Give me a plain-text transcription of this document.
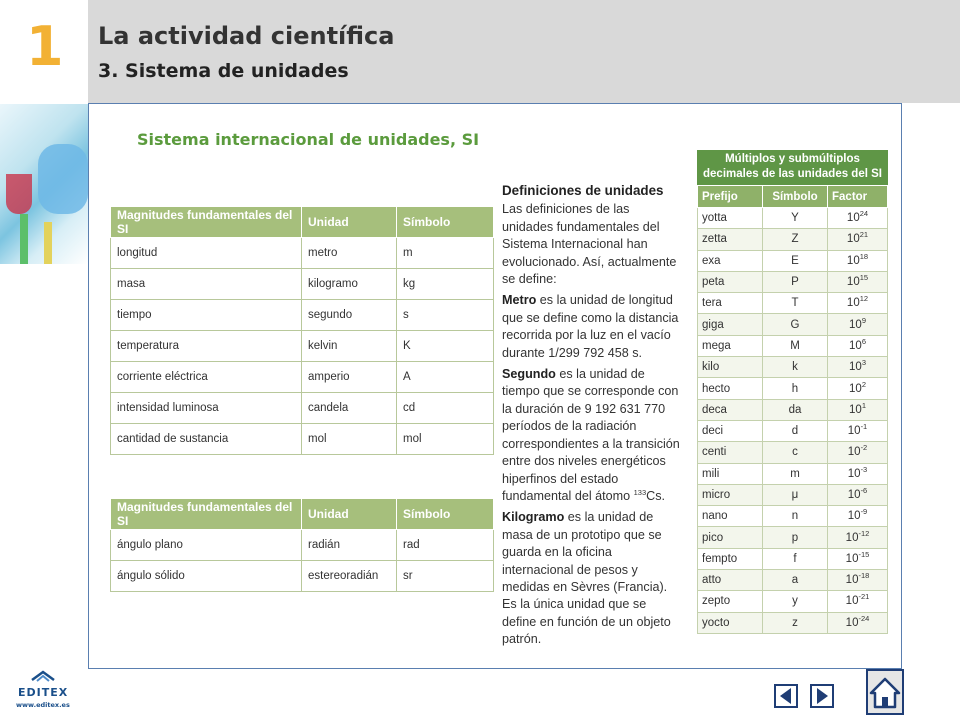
1 La actividad científica
3. Sistema de unidades
Sistema internacional de unidades, SI
Magnitudes fundamentales del SI	Unidad	Símbolo
longitud	metro	m
masa	kilogramo	kg
tiempo	segundo	s
temperatura	kelvin	K
corriente eléctrica	amperio	A
intensidad luminosa	candela	cd
cantidad de sustancia	mol	mol
Magnitudes fundamentales del SI	Unidad	Símbolo
ángulo plano	radián	rad
ángulo sólido	estereoradián	sr
Definiciones de unidades

Las definiciones de las unidades fundamentales del Sistema Internacional han evolucionado. Así, actualmente se define:

Metro es la unidad de longitud que se define como la distancia recorrida por la luz en el vacío durante 1/299 792 458 s.

Segundo es la unidad de tiempo que se corresponde con la duración de 9 192 631 770 períodos de la radiación correspondientes a la transición entre dos niveles energéticos hiperfinos del estado fundamental del átomo $^{133}$Cs.

Kilogramo es la unidad de masa de un prototipo que se guarda en la oficina internacional de pesos y medidas en Sèvres (Francia). Es la única unidad que se define en función de un objeto patrón.

Múltiplos y submúltiplos decimales de las unidades del SI
Prefijo	Símbolo	Factor
yotta	Y	$10^{24}$
zetta	Z	$10^{21}$
exa	E	$10^{18}$
peta	P	$10^{15}$
tera	T	$10^{12}$
giga	G	$10^9$
mega	M	$10^6$
kilo	k	$10^3$
hecto	h	$10^2$
deca	da	$10^1$
deci	d	$10^{-1}$
centi	c	$10^{-2}$
mili	m	$10^{-3}$
micro	μ	$10^{-6}$
nano	n	$10^{-9}$
pico	p	$10^{-12}$
fempto	f	$10^{-15}$
atto	a	$10^{-18}$
zepto	y	$10^{-21}$
yocto	z	$10^{-24}$
EDITEX
www.editex.es
